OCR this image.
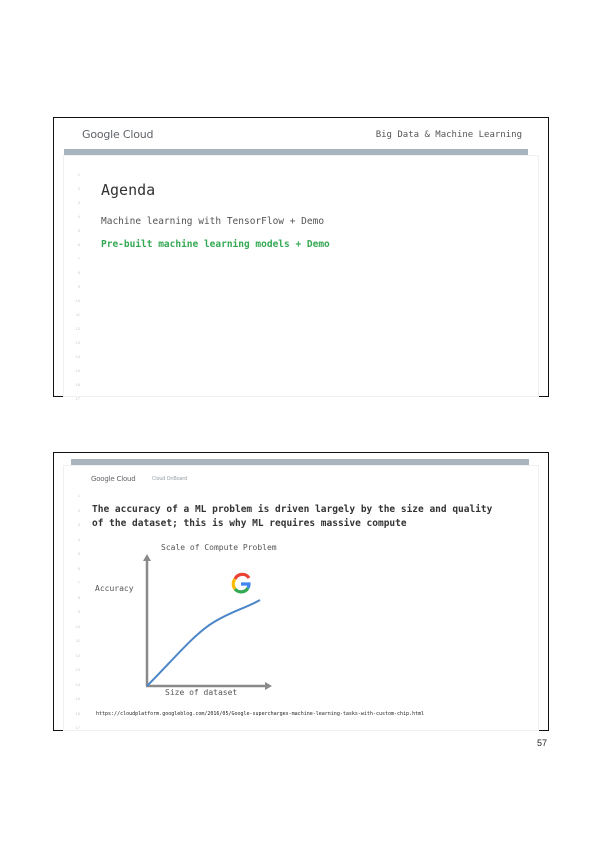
Google Cloud	Big Data & Machine Learning
1
2
3
4
5
6
7
8
9
10
11
12
13
14
15
16
17
Agenda
Machine learning with TensorFlow + Demo
Pre-built machine learning models + Demo
1
2
3
4
5
6
7
8
9
10
11
12
13
14
15
16
17
Google Cloud	Cloud OnBoard
The accuracy of a ML problem is driven largely by the size and quality
of the dataset; this is why ML requires massive compute
Scale of Compute Problem
Accuracy
Size of dataset
https://cloudplatform.googleblog.com/2016/05/Google-supercharges-machine-learning-tasks-with-custom-chip.html
57
